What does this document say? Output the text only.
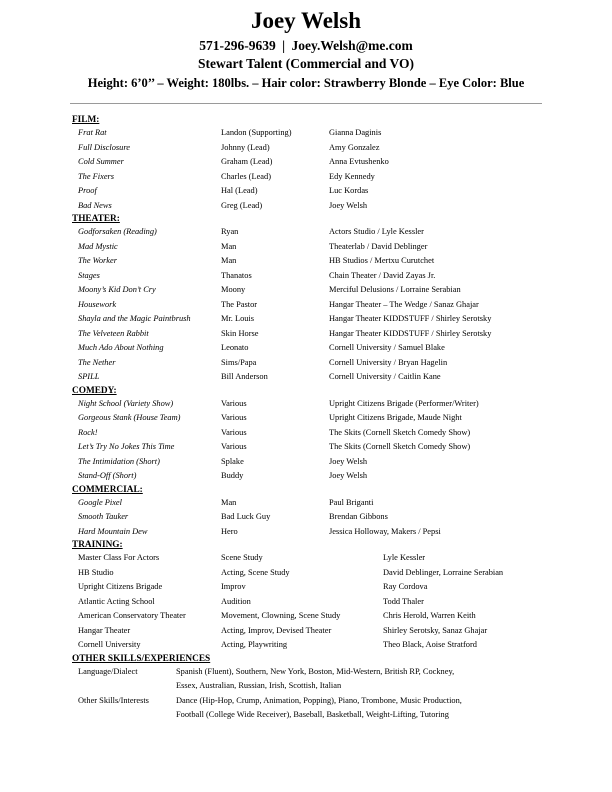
Joey Welsh
571-296-9639 | Joey.Welsh@me.com
Stewart Talent (Commercial and VO)
Height: 6’0’’ – Weight: 180lbs. – Hair color: Strawberry Blonde – Eye Color: Blue
FILM:
Frat Rat	Landon (Supporting)	Gianna Daginis
Full Disclosure	Johnny (Lead)	Amy Gonzalez
Cold Summer	Graham (Lead)	Anna Evtushenko
The Fixers	Charles (Lead)	Edy Kennedy
Proof	Hal (Lead)	Luc Kordas
Bad News	Greg (Lead)	Joey Welsh
THEATER:
Godforsaken (Reading)	Ryan	Actors Studio / Lyle Kessler
Mad Mystic	Man	Theaterlab / David Deblinger
The Worker	Man	HB Studios / Mertxu Curutchet
Stages	Thanatos	Chain Theater / David Zayas Jr.
Moony’s Kid Don’t Cry	Moony	Merciful Delusions / Lorraine Serabian
Housework	The Pastor	Hangar Theater – The Wedge / Sanaz Ghajar
Shayla and the Magic Paintbrush	Mr. Louis	Hangar Theater KIDDSTUFF / Shirley Serotsky
The Velveteen Rabbit	Skin Horse	Hangar Theater KIDDSTUFF / Shirley Serotsky
Much Ado About Nothing	Leonato	Cornell University / Samuel Blake
The Nether	Sims/Papa	Cornell University / Bryan Hagelin
SPILL	Bill Anderson	Cornell University / Caitlin Kane
COMEDY:
Night School (Variety Show)	Various	Upright Citizens Brigade (Performer/Writer)
Gorgeous Stank (House Team)	Various	Upright Citizens Brigade, Maude Night
Rock!	Various	The Skits (Cornell Sketch Comedy Show)
Let’s Try No Jokes This Time	Various	The Skits (Cornell Sketch Comedy Show)
The Intimidation (Short)	Splake	Joey Welsh
Stand-Off (Short)	Buddy	Joey Welsh
COMMERCIAL:
Google Pixel	Man	Paul Briganti
Smooth Tauker	Bad Luck Guy	Brendan Gibbons
Hard Mountain Dew	Hero	Jessica Holloway, Makers / Pepsi
TRAINING:
Master Class For Actors	Scene Study	Lyle Kessler
HB Studio	Acting, Scene Study	David Deblinger, Lorraine Serabian
Upright Citizens Brigade	Improv	Ray Cordova
Atlantic Acting School	Audition	Todd Thaler
American Conservatory Theater	Movement, Clowning, Scene Study	Chris Herold, Warren Keith
Hangar Theater	Acting, Improv, Devised Theater	Shirley Serotsky, Sanaz Ghajar
Cornell University	Acting, Playwriting	Theo Black, Aoise Stratford
OTHER SKILLS/EXPERIENCES
Language/Dialect	Spanish (Fluent), Southern, New York, Boston, Mid-Western, British RP, Cockney,
Essex, Australian, Russian, Irish, Scottish, Italian
Other Skills/Interests	Dance (Hip-Hop, Crump, Animation, Popping), Piano, Trombone, Music Production,
Football (College Wide Receiver), Baseball, Basketball, Weight-Lifting, Tutoring
